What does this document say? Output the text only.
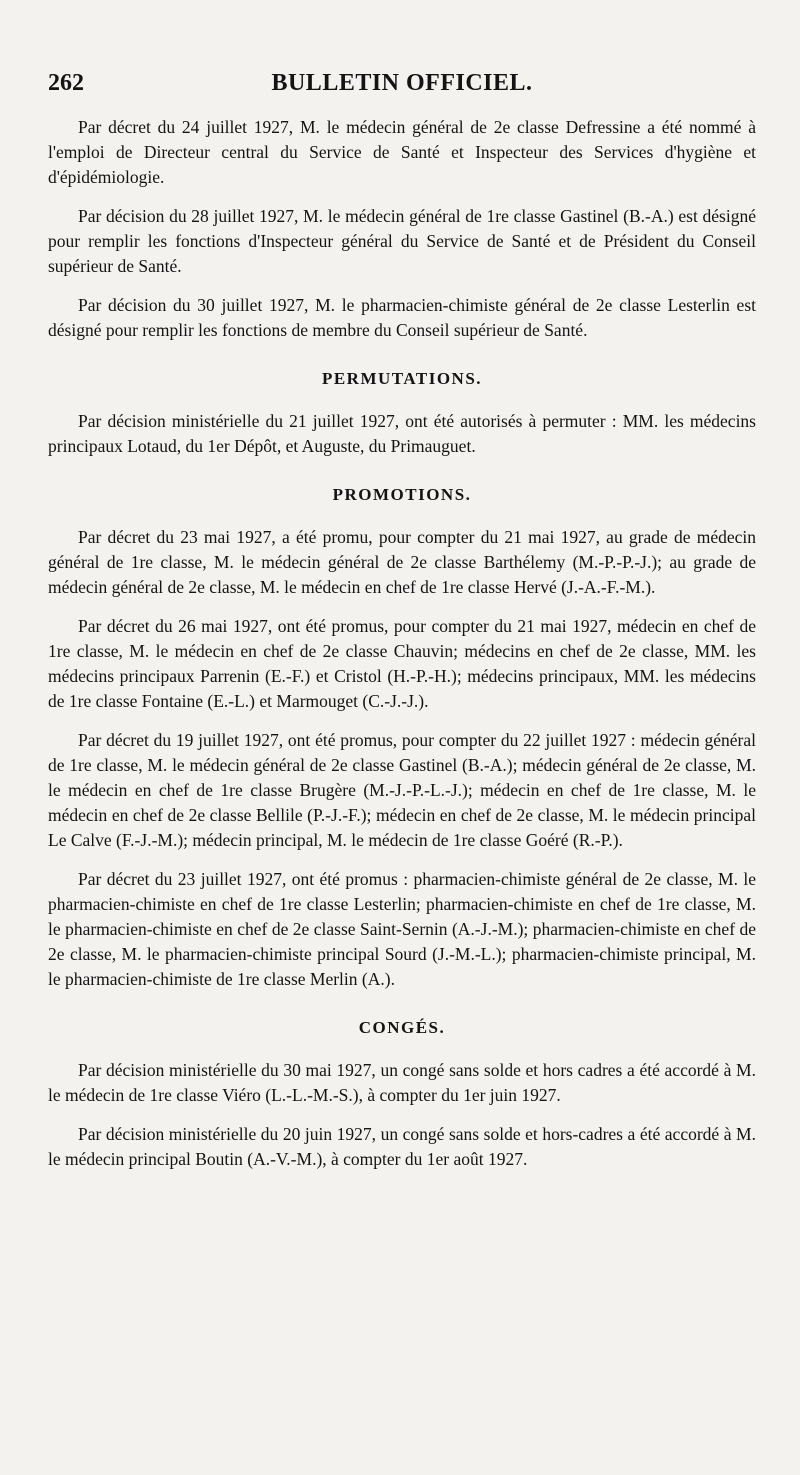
262	BULLETIN OFFICIEL.

Par décret du 24 juillet 1927, M. le médecin général de 2e classe Defressine a été nommé à l'emploi de Directeur central du Service de Santé et Inspecteur des Services d'hygiène et d'épidémiologie.

Par décision du 28 juillet 1927, M. le médecin général de 1re classe Gastinel (B.-A.) est désigné pour remplir les fonctions d'Inspecteur général du Service de Santé et de Président du Conseil supérieur de Santé.

Par décision du 30 juillet 1927, M. le pharmacien-chimiste général de 2e classe Lesterlin est désigné pour remplir les fonctions de membre du Conseil supérieur de Santé.

PERMUTATIONS.

Par décision ministérielle du 21 juillet 1927, ont été autorisés à permuter : MM. les médecins principaux Lotaud, du 1er Dépôt, et Auguste, du Primauguet.

PROMOTIONS.

Par décret du 23 mai 1927, a été promu, pour compter du 21 mai 1927, au grade de médecin général de 1re classe, M. le médecin général de 2e classe Barthélemy (M.-P.-P.-J.); au grade de médecin général de 2e classe, M. le médecin en chef de 1re classe Hervé (J.-A.-F.-M.).

Par décret du 26 mai 1927, ont été promus, pour compter du 21 mai 1927, médecin en chef de 1re classe, M. le médecin en chef de 2e classe Chauvin; médecins en chef de 2e classe, MM. les médecins principaux Parrenin (E.-F.) et Cristol (H.-P.-H.); médecins principaux, MM. les médecins de 1re classe Fontaine (E.-L.) et Marmouget (C.-J.-J.).

Par décret du 19 juillet 1927, ont été promus, pour compter du 22 juillet 1927 : médecin général de 1re classe, M. le médecin général de 2e classe Gastinel (B.-A.); médecin général de 2e classe, M. le médecin en chef de 1re classe Brugère (M.-J.-P.-L.-J.); médecin en chef de 1re classe, M. le médecin en chef de 2e classe Bellile (P.-J.-F.); médecin en chef de 2e classe, M. le médecin principal Le Calve (F.-J.-M.); médecin principal, M. le médecin de 1re classe Goéré (R.-P.).

Par décret du 23 juillet 1927, ont été promus : pharmacien-chimiste général de 2e classe, M. le pharmacien-chimiste en chef de 1re classe Lesterlin; pharmacien-chimiste en chef de 1re classe, M. le pharmacien-chimiste en chef de 2e classe Saint-Sernin (A.-J.-M.); pharmacien-chimiste en chef de 2e classe, M. le pharmacien-chimiste principal Sourd (J.-M.-L.); pharmacien-chimiste principal, M. le pharmacien-chimiste de 1re classe Merlin (A.).

CONGÉS.

Par décision ministérielle du 30 mai 1927, un congé sans solde et hors cadres a été accordé à M. le médecin de 1re classe Viéro (L.-L.-M.-S.), à compter du 1er juin 1927.

Par décision ministérielle du 20 juin 1927, un congé sans solde et hors-cadres a été accordé à M. le médecin principal Boutin (A.-V.-M.), à compter du 1er août 1927.
